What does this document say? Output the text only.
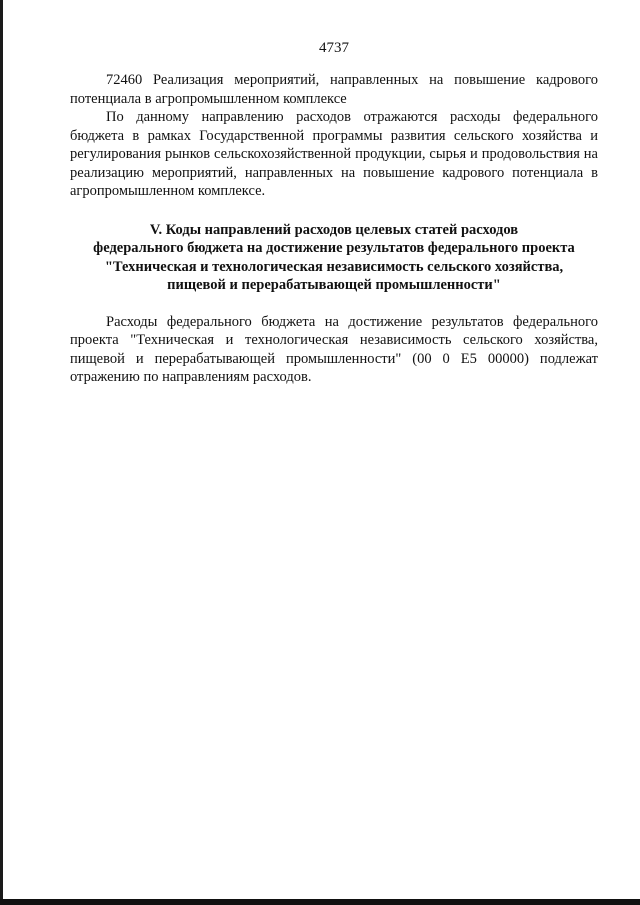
4737

72460 Реализация мероприятий, направленных на повышение кадрового потенциала в агропромышленном комплексе

По данному направлению расходов отражаются расходы федерального бюджета в рамках Государственной программы развития сельского хозяйства и регулирования рынков сельскохозяйственной продукции, сырья и продовольствия на реализацию мероприятий, направленных на повышение кадрового потенциала в агропромышленном комплексе.

V. Коды направлений расходов целевых статей расходов
федерального бюджета на достижение результатов федерального проекта
"Техническая и технологическая независимость сельского хозяйства,
пищевой и перерабатывающей промышленности"

Расходы федерального бюджета на достижение результатов федерального проекта "Техническая и технологическая независимость сельского хозяйства, пищевой и перерабатывающей промышленности" (00 0 Е5 00000) подлежат отражению по направлениям расходов.
